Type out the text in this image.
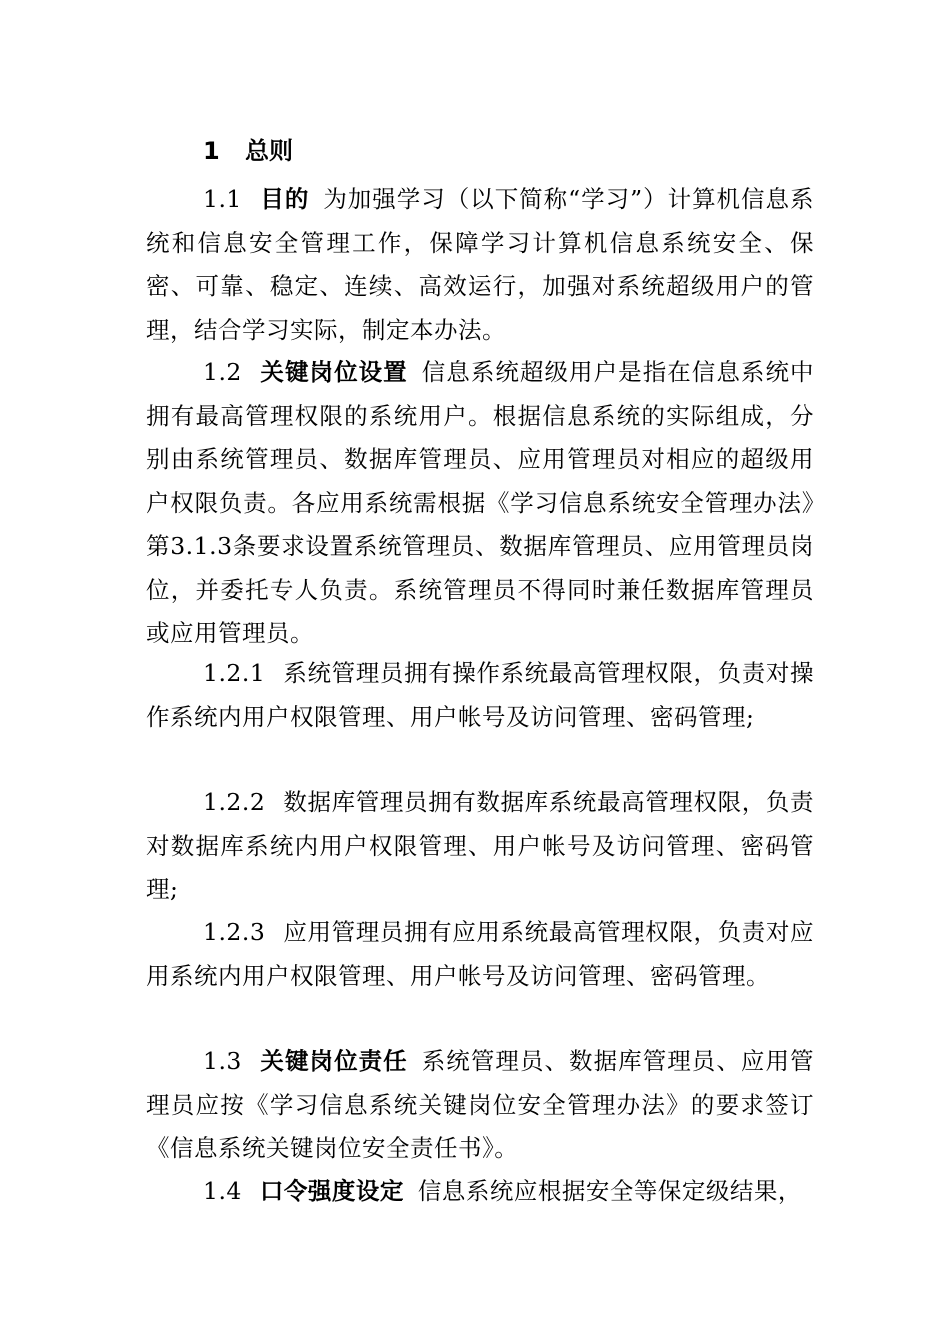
1 总则
1.1 目的 为加强学习（以下简称“学习”）计算机信息系统和信息安全管理工作，保障学习计算机信息系统安全、保密、可靠、稳定、连续、高效运行，加强对系统超级用户的管理，结合学习实际，制定本办法。
1.2 关键岗位设置 信息系统超级用户是指在信息系统中拥有最高管理权限的系统用户。根据信息系统的实际组成，分别由系统管理员、数据库管理员、应用管理员对相应的超级用户权限负责。各应用系统需根据《学习信息系统安全管理办法》第3.1.3条要求设置系统管理员、数据库管理员、应用管理员岗位，并委托专人负责。系统管理员不得同时兼任数据库管理员或应用管理员。
1.2.1 系统管理员拥有操作系统最高管理权限，负责对操作系统内用户权限管理、用户帐号及访问管理、密码管理;
1.2.2 数据库管理员拥有数据库系统最高管理权限，负责对数据库系统内用户权限管理、用户帐号及访问管理、密码管理;
1.2.3 应用管理员拥有应用系统最高管理权限，负责对应用系统内用户权限管理、用户帐号及访问管理、密码管理。
1.3 关键岗位责任 系统管理员、数据库管理员、应用管理员应按《学习信息系统关键岗位安全管理办法》的要求签订《信息系统关键岗位安全责任书》。
1.4 口令强度设定 信息系统应根据安全等保定级结果，
